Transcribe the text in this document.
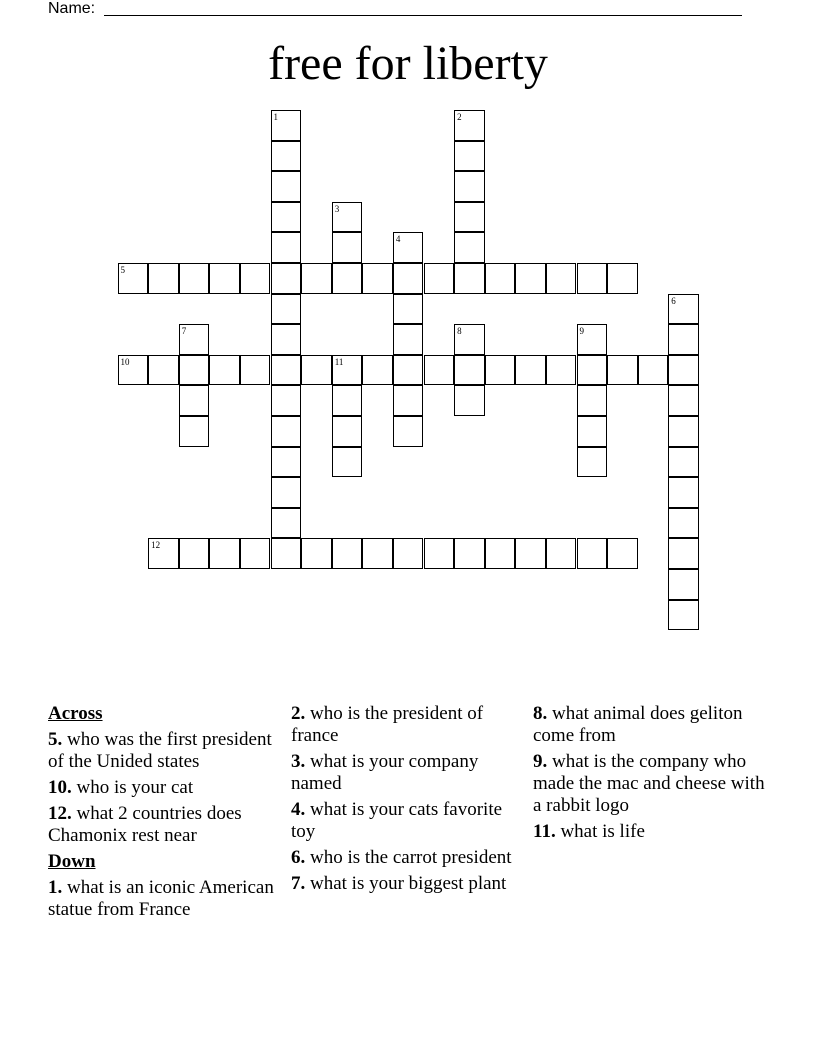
Name:
free for liberty
1	2
3
4
5
6
7	8	9
10	11
12
Across
5. who was the first president of the Unided states
10. who is your cat
12. what 2 countries does Chamonix rest near
Down
1. what is an iconic American statue from France
2. who is the president of france
3. what is your company named
4. what is your cats favorite toy
6. who is the carrot president
7. what is your biggest plant
8. what animal does geliton come from
9. what is the company who made the mac and cheese with a rabbit logo
11. what is life
